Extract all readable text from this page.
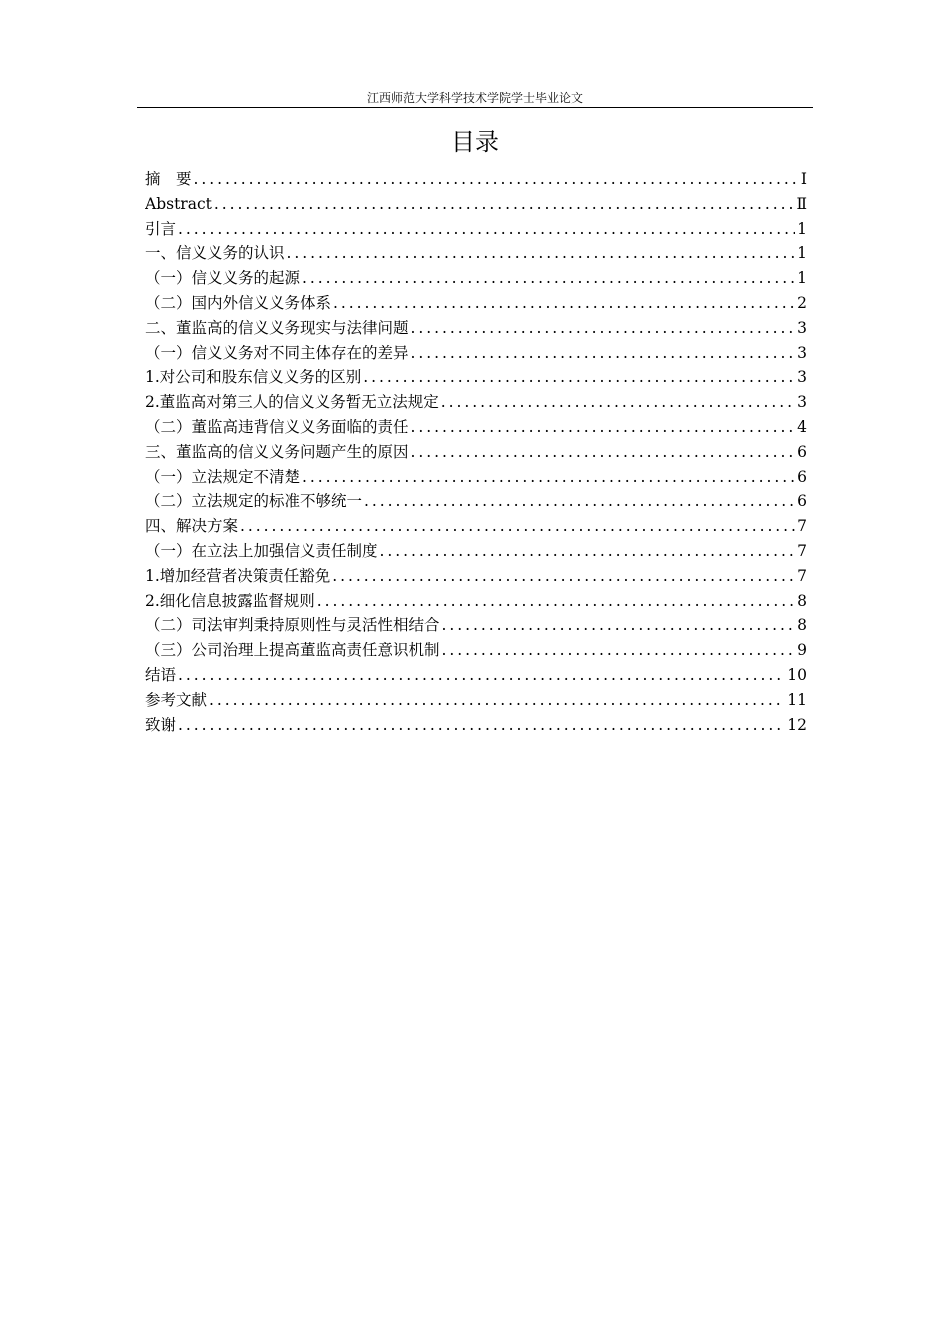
江西师范大学科学技术学院学士毕业论文
目录
摘　要 .....	Ⅰ
Abstract .....	Ⅱ
引言 .....	1
一、信义义务的认识 .....	1
（一）信义义务的起源 .....	1
（二）国内外信义义务体系 .....	2
二、董监高的信义义务现实与法律问题 .....	3
（一）信义义务对不同主体存在的差异 .....	3
1.对公司和股东信义义务的区别 .....	3
2.董监高对第三人的信义义务暂无立法规定 .....	3
（二）董监高违背信义义务面临的责任 .....	4
三、董监高的信义义务问题产生的原因 .....	6
（一）立法规定不清楚 .....	6
（二）立法规定的标准不够统一 .....	6
四、解决方案 .....	7
（一）在立法上加强信义责任制度 .....	7
1.增加经营者决策责任豁免 .....	7
2.细化信息披露监督规则 .....	8
（二）司法审判秉持原则性与灵活性相结合 .....	8
（三）公司治理上提高董监高责任意识机制 .....	9
结语 .....	10
参考文献 .....	11
致谢 .....	12
